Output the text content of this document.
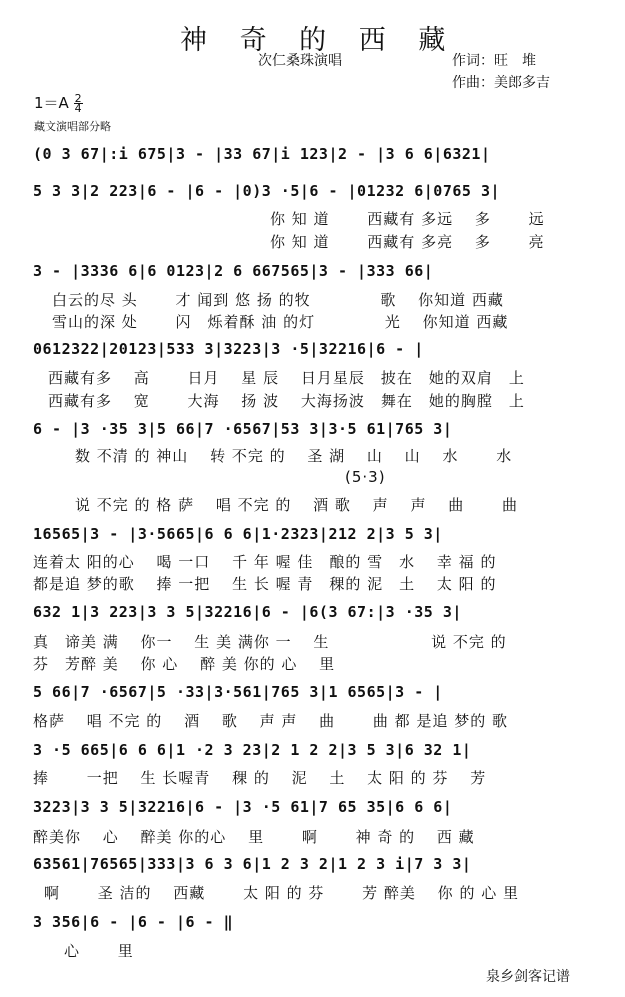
神 奇 的 西 藏
次仁桑珠演唱	作词：旺　堆
作曲：美郎多吉
$1=A \frac{2}{4}$
藏文演唱部分略
(0 3 67|:i 675|3 - |33 67|i 123|2 - |3 6 6|6321|
5 3 3|2 223|6 - |6 - |0)3 ·5|6 - |01232 6|0765 3|
你 知 道　　 西藏有 多远　 多　　 远
你 知 道　　 西藏有 多亮　 多　　 亮
3 - |3336 6|6 0123|2 6 667565|3 - |333 66|
白云的尽 头　　 才 闻到 悠 扬 的牧　　　　 歌　 你知道 西藏
雪山的深 处　　 闪　烁着酥 油 的灯　　　　 光　 你知道 西藏
0612322|20123|533 3|3223|3 ·5|32216|6 - |
西藏有多　 高　　 日月　 星 辰　 日月星辰　披在　她的双肩　上
西藏有多　 宽　　 大海　 扬 波　 大海扬波　舞在　她的胸膛　上
6 - |3 ·35 3|5 66|7 ·6567|53 3|3·5 61|765 3|
数 不清 的 神山　 转 不完 的　 圣 湖　 山　 山　 水　　 水
(5·3)
说 不完 的 格 萨　 唱 不完 的　 酒 歌　 声　 声　 曲　　 曲
16565|3 - |3·5665|6 6 6|1·2323|212 2|3 5 3|
连着太 阳的心　 喝 一口　 千 年 喔 佳　酿的 雪　水　 幸 福 的
都是追 梦的歌　 捧 一把　 生 长 喔 青　稞的 泥　土　 太 阳 的
632 1|3 223|3 3 5|32216|6 - |6(3 67:|3 ·35 3|
真　谛美 满　 你一　 生 美 满你 一　 生　　　　　　 说 不完 的
芬　芳醉 美　 你 心　 醉 美 你的 心　 里
5 66|7 ·6567|5 ·33|3·561|765 3|1 6565|3 - |
格萨　 唱 不完 的　 酒　 歌　 声 声　 曲　　 曲 都 是追 梦的 歌
3 ·5 665|6 6 6|1 ·2 3 23|2 1 2 2|3 5 3|6 32 1|
捧　　 一把　 生 长喔青　 稞 的　 泥　 土　 太 阳 的 芬　 芳
3223|3 3 5|32216|6 - |3 ·5 61|7 65 35|6 6 6|
醉美你　 心　 醉美 你的心　 里　　 啊　　 神 奇 的　 西 藏
63561|76565|333|3 6 3 6|1 2 3 2|1 2 3 i|7 3 3|
啊　　 圣 洁的　 西藏　　 太 阳 的 芬　　 芳 醉美　 你 的 心 里
3 356|6 - |6 - |6 - ‖
心　　 里
泉乡剑客记谱
